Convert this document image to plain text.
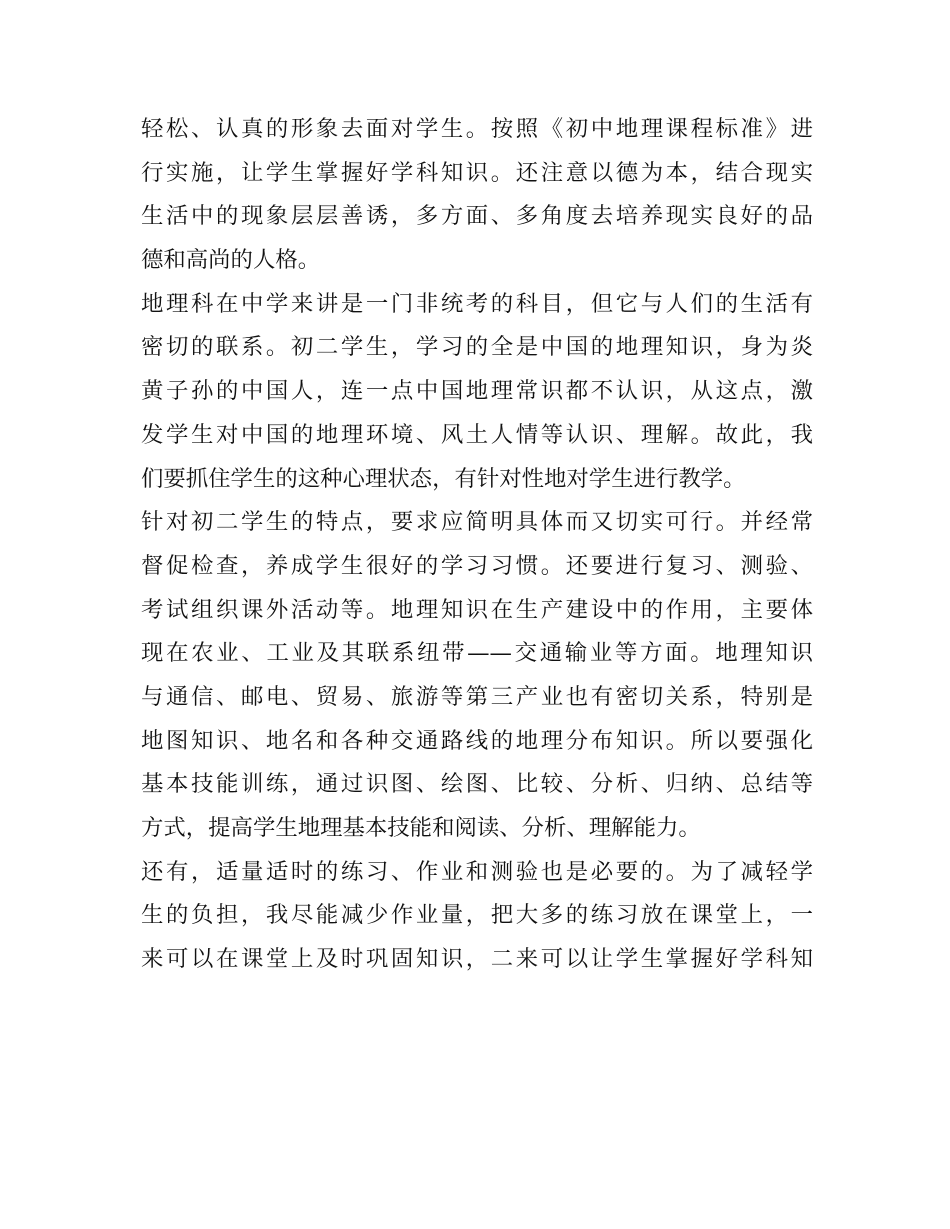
轻松、认真的形象去面对学生。按照《初中地理课程标准》进
行实施，让学生掌握好学科知识。还注意以德为本，结合现实
生活中的现象层层善诱，多方面、多角度去培养现实良好的品
德和高尚的人格。
地理科在中学来讲是一门非统考的科目，但它与人们的生活有
密切的联系。初二学生，学习的全是中国的地理知识，身为炎
黄子孙的中国人，连一点中国地理常识都不认识，从这点，激
发学生对中国的地理环境、风土人情等认识、理解。故此，我
们要抓住学生的这种心理状态，有针对性地对学生进行教学。
针对初二学生的特点，要求应简明具体而又切实可行。并经常
督促检查，养成学生很好的学习习惯。还要进行复习、测验、
考试组织课外活动等。地理知识在生产建设中的作用，主要体
现在农业、工业及其联系纽带——交通输业等方面。地理知识
与通信、邮电、贸易、旅游等第三产业也有密切关系，特别是
地图知识、地名和各种交通路线的地理分布知识。所以要强化
基本技能训练，通过识图、绘图、比较、分析、归纳、总结等
方式，提高学生地理基本技能和阅读、分析、理解能力。
还有，适量适时的练习、作业和测验也是必要的。为了减轻学
生的负担，我尽能减少作业量，把大多的练习放在课堂上，一
来可以在课堂上及时巩固知识，二来可以让学生掌握好学科知
